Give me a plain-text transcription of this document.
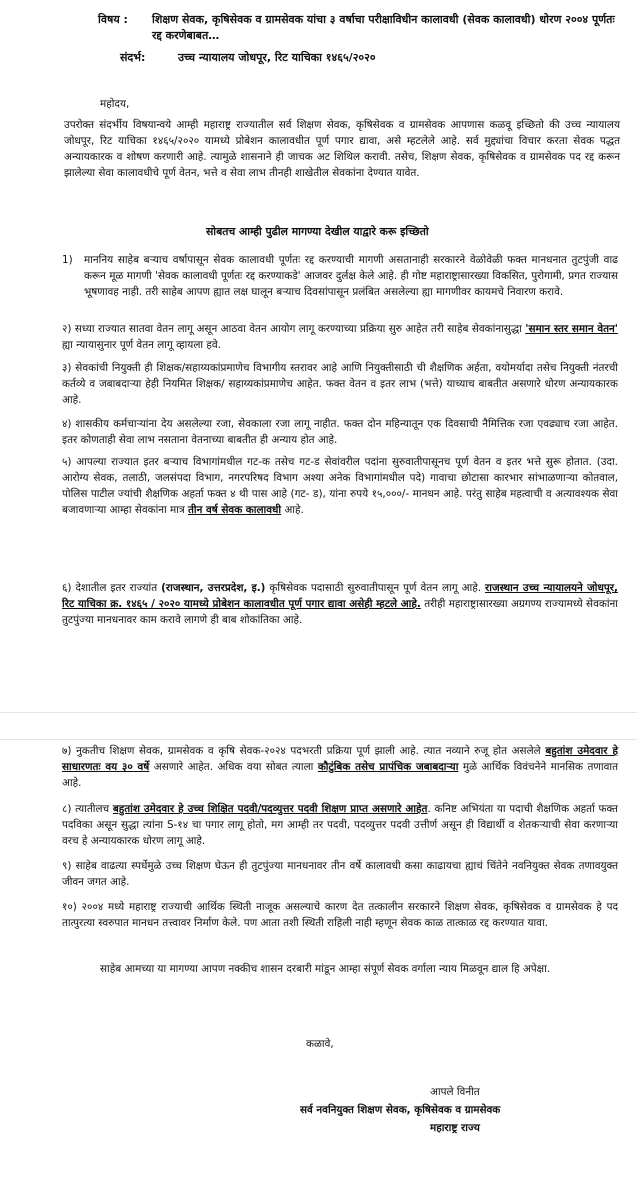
विषय : शिक्षण सेवक, कृषिसेवक व ग्रामसेवक यांचा ३ वर्षाचा परीक्षाविधीन कालावधी (सेवक कालावधी) धोरण २००४ पूर्णतः रद्द करणेबाबत…

संदर्भ:	उच्च न्यायालय जोधपूर, रिट याचिका १४६५/२०२०

महोदय,

उपरोक्त संदर्भीय विषयान्वये आम्ही महाराष्ट्र राज्यातील सर्व शिक्षण सेवक, कृषिसेवक व ग्रामसेवक आपणास कळवू इच्छितो की उच्च न्यायालय जोधपूर, रिट याचिका १४६५/२०२० यामध्ये प्रोबेशन कालावधीत पूर्ण पगार द्यावा, असे म्हटलेले आहे. सर्व मुद्द्यांचा विचार करता सेवक पद्धत अन्यायकारक व शोषण करणारी आहे. त्यामुळे शासनाने ही जाचक अट शिथिल करावी. तसेच, शिक्षण सेवक, कृषिसेवक व ग्रामसेवक पद रद्द करून झालेल्या सेवा कालावधीचे पूर्ण वेतन, भत्ते व सेवा लाभ तीनही शाखेतील सेवकांना देण्यात यावेत.

सोबतच आम्ही पुढील मागण्या देखील याद्वारे करू इच्छितो

1) माननिय साहेब बऱ्याच वर्षापासून सेवक कालावधी पूर्णतः रद्द करण्याची मागणी असतानाही सरकारने वेळोवेळी फक्त मानधनात तुटपुंजी वाढ करून मूळ मागणी 'सेवक कालावधी पूर्णतः रद्द करण्याकडे' आजवर दुर्लक्ष केले आहे. ही गोष्ट महाराष्ट्रासारख्या विकसित, पुरोगामी, प्रगत राज्यास भूषणावह नाही. तरी साहेब आपण ह्यात लक्ष घालून बऱ्याच दिवसांपासून प्रलंबित असलेल्या ह्या मागणीवर कायमचे निवारण करावे.
२) सध्या राज्यात सातवा वेतन लागू असून आठवा वेतन आयोग लागू करण्याच्या प्रक्रिया सुरु आहेत तरी साहेब सेवकांनासुद्धा 'समान स्तर समान वेतन' ह्या न्यायासुनार पूर्ण वेतन लागू व्हायला हवे.
३) सेवकांची नियुक्ती ही शिक्षक/सहाय्यकांप्रमाणेच विभागीय स्तरावर आहे आणि नियुक्तीसाठी ची शैक्षणिक अर्हता, वयोमर्यादा तसेच नियुक्ती नंतरची कर्तव्ये व जबाबदाऱ्या हेही नियमित शिक्षक/ सहाय्यकांप्रमाणेच आहेत. फक्त वेतन व इतर लाभ (भत्ते) याच्याच बाबतीत असणारे धोरण अन्यायकारक आहे.
४) शासकीय कर्मचाऱ्यांना देय असलेल्या रजा, सेवकाला रजा लागू नाहीत. फक्त दोन महिन्यातून एक दिवसाची नैमित्तिक रजा एवढ्याच रजा आहेत. इतर कोणताही सेवा लाभ नसताना वेतनाच्या बाबतीत ही अन्याय होत आहे.
५) आपल्या राज्यात इतर बऱ्याच विभागांमधील गट-क तसेच गट-ड सेवांवरील पदांना सुरुवातीपासूनच पूर्ण वेतन व इतर भत्ते सुरू होतात. (उदा. आरोग्य सेवक, तलाठी, जलसंपदा विभाग, नगरपरिषद विभाग अश्या अनेक विभागांमधील पदे) गावाचा छोटासा कारभार सांभाळणाऱ्या कोतवाल, पोलिस पाटील ज्यांची शैक्षणिक अहर्ता फक्त ४ थी पास आहे (गट- ड), यांना रुपये १५,०००/- मानधन आहे. परंतु साहेब महत्वाची व अत्यावश्यक सेवा बजावणाऱ्या आम्हा सेवकांना मात्र तीन वर्ष सेवक कालावधी आहे.
६) देशातील इतर राज्यांत (राजस्थान, उत्तरप्रदेश, इ.) कृषिसेवक पदासाठी सुरुवातीपासून पूर्ण वेतन लागू आहे. राजस्थान उच्च न्यायालयने जोधपूर, रिट याचिका क्र. १४६५ / २०२० यामध्ये प्रोबेशन कालावधीत पूर्ण पगार द्यावा असेही म्हटले आहे. तरीही महाराष्ट्रासारख्या अग्रगण्य राज्यामध्ये सेवकांना तुटपुंज्या मानधनावर काम करावे लागणे ही बाब शोकांतिका आहे.
७) नुकतीच शिक्षण सेवक, ग्रामसेवक व कृषि सेवक-२०२४ पदभरती प्रक्रिया पूर्ण झाली आहे. त्यात नव्याने रुजू होत असलेले बहुतांश उमेदवार हे साधारणतः वय ३० वर्षे असणारे आहेत. अधिक वया सोबत त्याला कौटुंबिक तसेच प्रापंचिक जबाबदाऱ्या मुळे आर्थिक विवंचनेने मानसिक तणावात आहे.
८) त्यातीलच बहुतांश उमेदवार हे उच्च शिक्षित पदवी/पदव्युत्तर पदवी शिक्षण प्राप्त असणारे आहेत. कनिष्ट अभियंता या पदाची शैक्षणिक अहर्ता फक्त पदविका असून सुद्धा त्यांना S-१४ चा पगार लागू होतो, मग आम्ही तर पदवी, पदव्युत्तर पदवी उत्तीर्ण असून ही विद्यार्थी व शेतकऱ्याची सेवा करणाऱ्या वरच हे अन्यायकारक धोरण लागू आहे.
९) साहेब वाढत्या स्पर्धेमुळे उच्च शिक्षण घेऊन ही तुटपुंज्या मानधनावर तीन वर्षे कालावधी कसा काढायचा ह्याचं चिंतेने नवनियुक्त सेवक तणावयुक्त जीवन जगत आहे.
१०) २००४ मध्ये महाराष्ट्र राज्याची आर्थिक स्थिती नाजूक असल्याचे कारण देत तत्कालीन सरकारने शिक्षण सेवक, कृषिसेवक व ग्रामसेवक हे पद तात्पुरत्या स्वरुपात मानधन तत्त्वावर निर्माण केले. पण आता तशी स्थिती राहिली नाही म्हणून सेवक काळ तात्काळ रद्द करण्यात यावा.

साहेब आमच्या या मागण्या आपण नक्कीच शासन दरबारी मांडून आम्हा संपूर्ण सेवक वर्गाला न्याय मिळवून द्याल हि अपेक्षा.

कळावे,

आपले विनीत

सर्व नवनियुक्त शिक्षण सेवक, कृषिसेवक व ग्रामसेवक

महाराष्ट्र राज्य
